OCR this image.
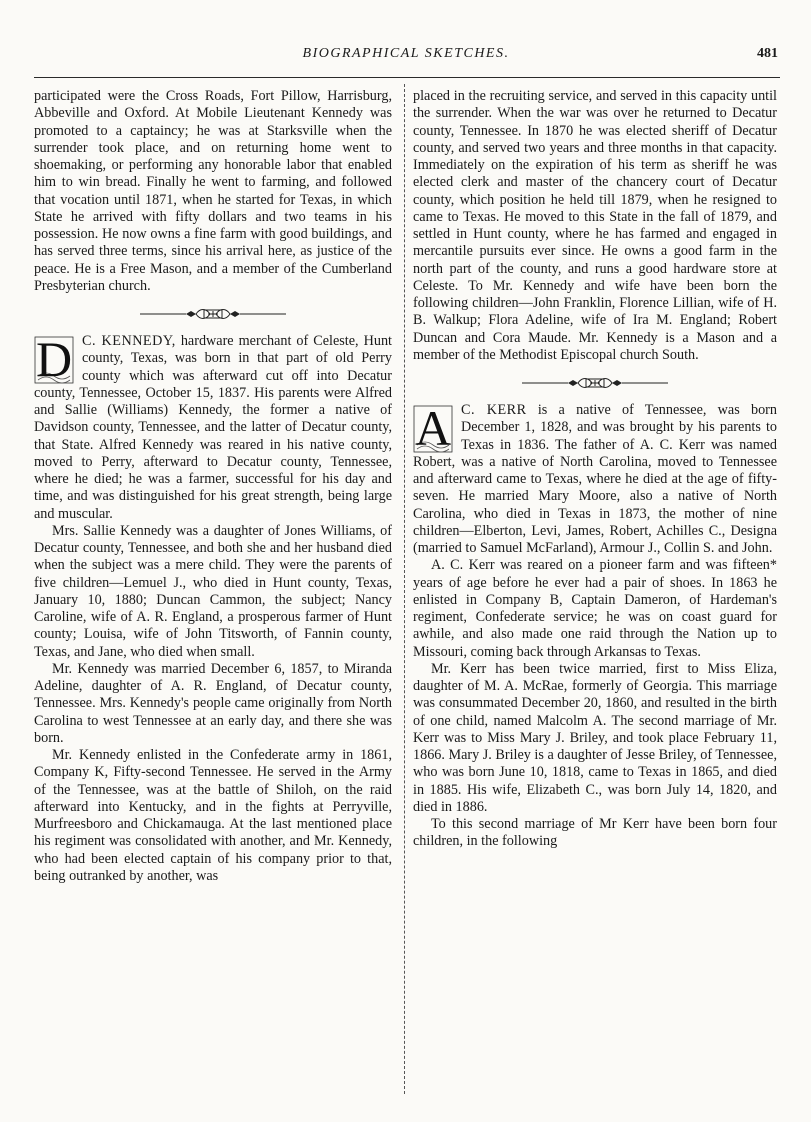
BIOGRAPHICAL SKETCHES.	481

participated were the Cross Roads, Fort Pillow, Harrisburg, Abbeville and Oxford. At Mobile Lieutenant Kennedy was promoted to a captaincy; he was at Starksville when the surrender took place, and on returning home went to shoemaking, or performing any honorable labor that enabled him to win bread. Finally he went to farming, and followed that vocation until 1871, when he started for Texas, in which State he arrived with fifty dollars and two teams in his possession. He now owns a fine farm with good buildings, and has served three terms, since his arrival here, as justice of the peace. He is a Free Mason, and a member of the Cumberland Presbyterian church.

D C. KENNEDY, hardware merchant of Celeste, Hunt county, Texas, was born in that part of old Perry county which was afterward cut off into Decatur county, Tennessee, October 15, 1837. His parents were Alfred and Sallie (Williams) Kennedy, the former a native of Davidson county, Tennessee, and the latter of Decatur county, that State. Alfred Kennedy was reared in his native county, moved to Perry, afterward to Decatur county, Tennessee, where he died; he was a farmer, successful for his day and time, and was distinguished for his great strength, being large and muscular.

Mrs. Sallie Kennedy was a daughter of Jones Williams, of Decatur county, Tennessee, and both she and her husband died when the subject was a mere child. They were the parents of five children—Lemuel J., who died in Hunt county, Texas, January 10, 1880; Duncan Cammon, the subject; Nancy Caroline, wife of A. R. England, a prosperous farmer of Hunt county; Louisa, wife of John Titsworth, of Fannin county, Texas, and Jane, who died when small.

Mr. Kennedy was married December 6, 1857, to Miranda Adeline, daughter of A. R. England, of Decatur county, Tennessee. Mrs. Kennedy's people came originally from North Carolina to west Tennessee at an early day, and there she was born.

Mr. Kennedy enlisted in the Confederate army in 1861, Company K, Fifty-second Tennessee. He served in the Army of the Tennessee, was at the battle of Shiloh, on the raid afterward into Kentucky, and in the fights at Perryville, Murfreesboro and Chickamauga. At the last mentioned place his regiment was consolidated with another, and Mr. Kennedy, who had been elected captain of his company prior to that, being outranked by another, was

placed in the recruiting service, and served in this capacity until the surrender. When the war was over he returned to Decatur county, Tennessee. In 1870 he was elected sheriff of Decatur county, and served two years and three months in that capacity. Immediately on the expiration of his term as sheriff he was elected clerk and master of the chancery court of Decatur county, which position he held till 1879, when he resigned to came to Texas. He moved to this State in the fall of 1879, and settled in Hunt county, where he has farmed and engaged in mercantile pursuits ever since. He owns a good farm in the north part of the county, and runs a good hardware store at Celeste. To Mr. Kennedy and wife have been born the following children—John Franklin, Florence Lillian, wife of H. B. Walkup; Flora Adeline, wife of Ira M. England; Robert Duncan and Cora Maude. Mr. Kennedy is a Mason and a member of the Methodist Episcopal church South.

A C. KERR is a native of Tennessee, was born December 1, 1828, and was brought by his parents to Texas in 1836. The father of A. C. Kerr was named Robert, was a native of North Carolina, moved to Tennessee and afterward came to Texas, where he died at the age of fifty-seven. He married Mary Moore, also a native of North Carolina, who died in Texas in 1873, the mother of nine children—Elberton, Levi, James, Robert, Achilles C., Designa (married to Samuel McFarland), Armour J., Collin S. and John.

A. C. Kerr was reared on a pioneer farm and was fifteen* years of age before he ever had a pair of shoes. In 1863 he enlisted in Company B, Captain Dameron, of Hardeman's regiment, Confederate service; he was on coast guard for awhile, and also made one raid through the Nation up to Missouri, coming back through Arkansas to Texas.

Mr. Kerr has been twice married, first to Miss Eliza, daughter of M. A. McRae, formerly of Georgia. This marriage was consummated December 20, 1860, and resulted in the birth of one child, named Malcolm A. The second marriage of Mr. Kerr was to Miss Mary J. Briley, and took place February 11, 1866. Mary J. Briley is a daughter of Jesse Briley, of Tennessee, who was born June 10, 1818, came to Texas in 1865, and died in 1885. His wife, Elizabeth C., was born July 14, 1820, and died in 1886.

To this second marriage of Mr Kerr have been born four children, in the following
